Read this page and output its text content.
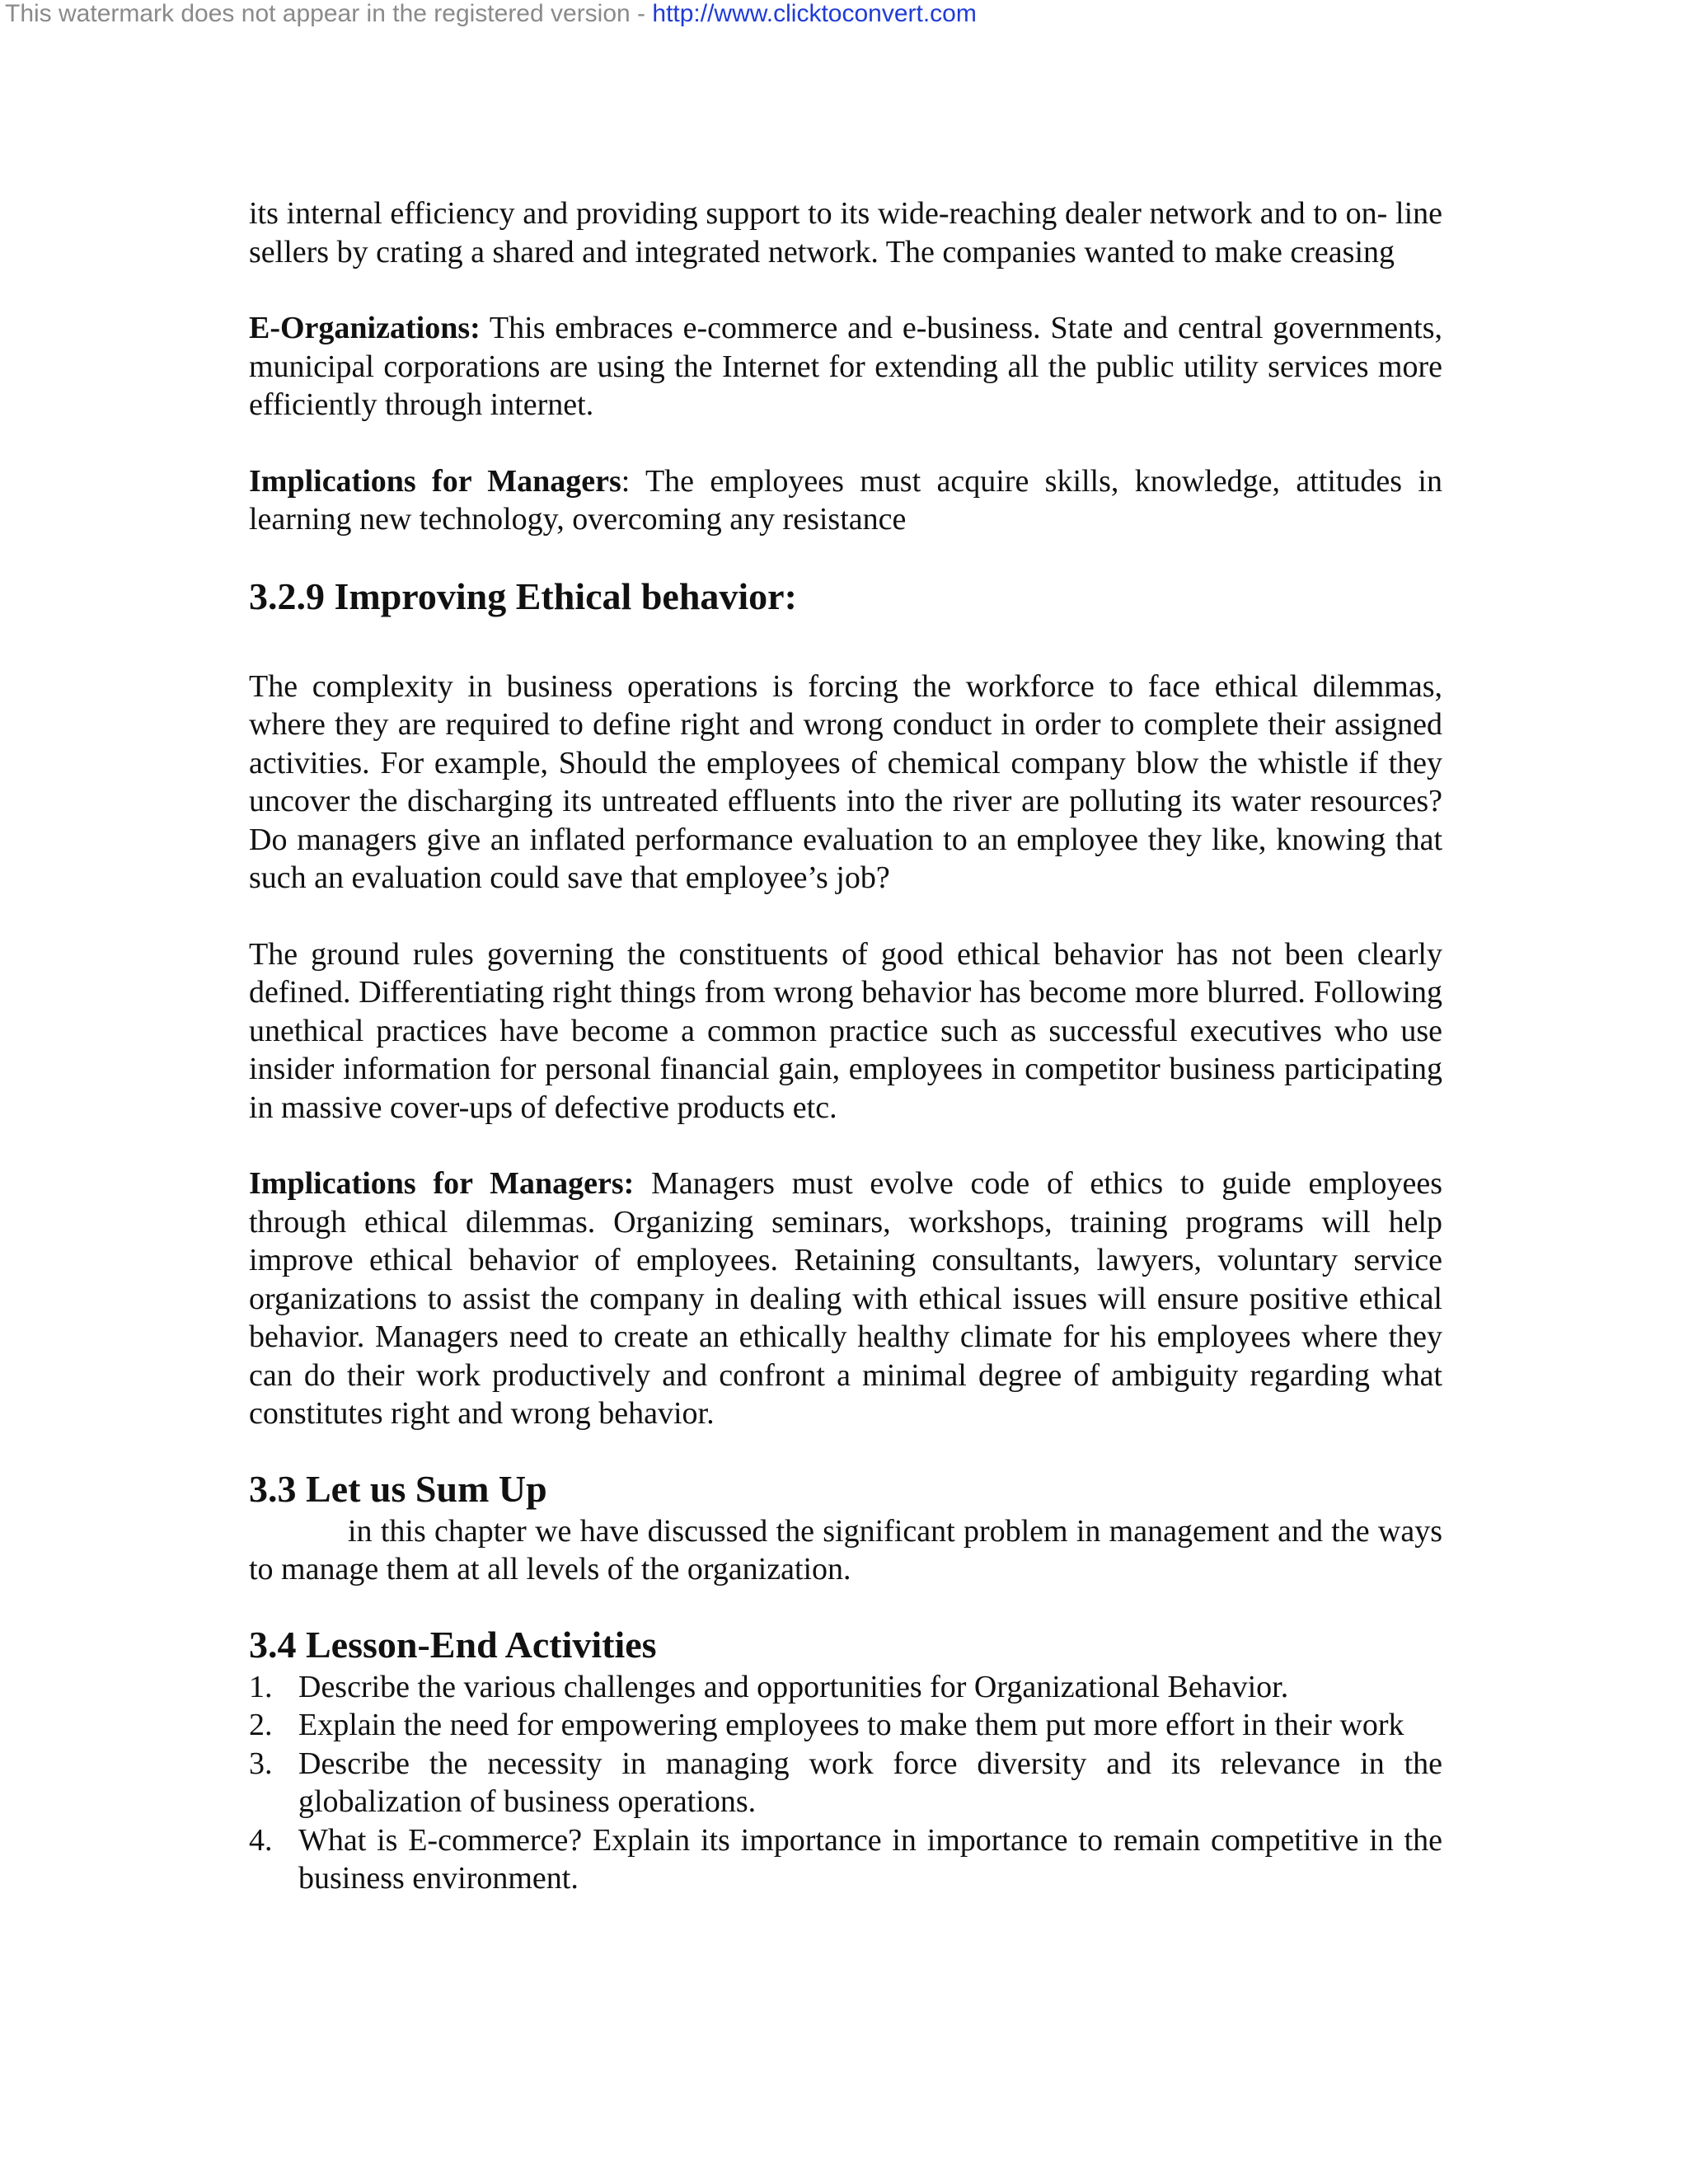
This watermark does not appear in the registered version - http://www.clicktoconvert.com

its internal efficiency and providing support to its wide-reaching dealer network and to on- line sellers by crating a shared and integrated network. The companies wanted to make creasing

E-Organizations: This embraces e-commerce and e-business. State and central governments, municipal corporations are using the Internet for extending all the public utility services more efficiently through internet.

Implications for Managers: The employees must acquire skills, knowledge, attitudes in learning new technology, overcoming any resistance

3.2.9 Improving Ethical behavior:

The complexity in business operations is forcing the workforce to face ethical dilemmas, where they are required to define right and wrong conduct in order to complete their assigned activities. For example, Should the employees of chemical company blow the whistle if they uncover the discharging its untreated effluents into the river are polluting its water resources? Do managers give an inflated performance evaluation to an employee they like, knowing that such an evaluation could save that employee’s job?

The ground rules governing the constituents of good ethical behavior has not been clearly defined. Differentiating right things from wrong behavior has become more blurred. Following unethical practices have become a common practice such as successful executives who use insider information for personal financial gain, employees in competitor business participating in massive cover-ups of defective products etc.

Implications for Managers: Managers must evolve code of ethics to guide employees through ethical dilemmas. Organizing seminars, workshops, training programs will help improve ethical behavior of employees. Retaining consultants, lawyers, voluntary service organizations to assist the company in dealing with ethical issues will ensure positive ethical behavior. Managers need to create an ethically healthy climate for his employees where they can do their work productively and confront a minimal degree of ambiguity regarding what constitutes right and wrong behavior.

3.3 Let us Sum Up

in this chapter we have discussed the significant problem in management and the ways to manage them at all levels of the organization.

3.4 Lesson-End Activities
1. Describe the various challenges and opportunities for Organizational Behavior.
2. Explain the need for empowering employees to make them put more effort in their work
3. Describe the necessity in managing work force diversity and its relevance in the globalization of business operations.
4. What is E-commerce? Explain its importance in importance to remain competitive in the business environment.
